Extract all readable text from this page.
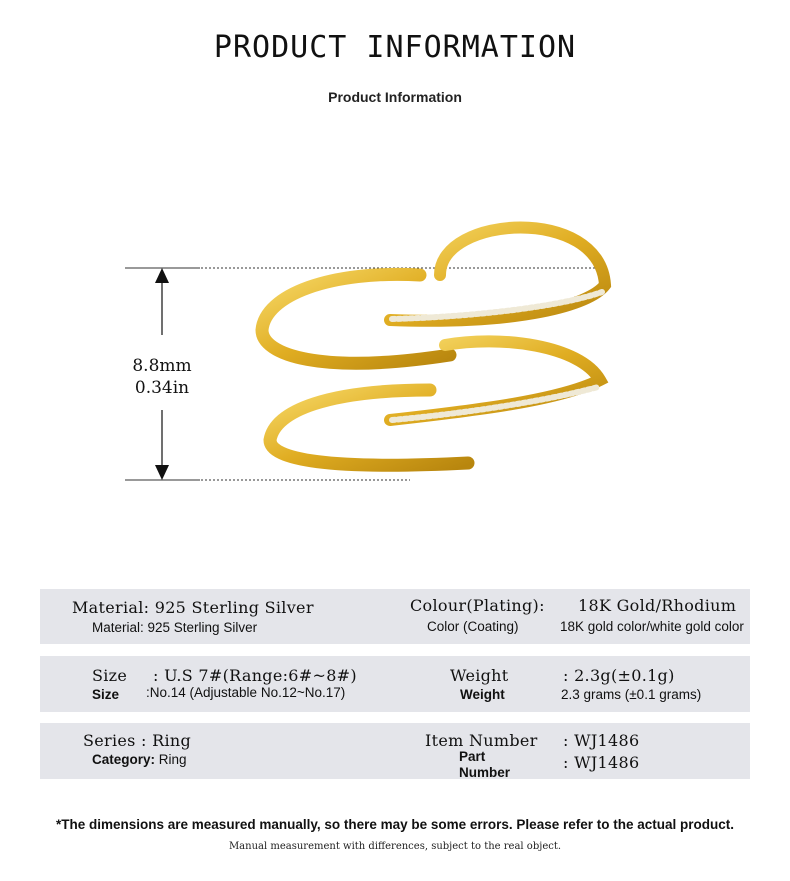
PRODUCT INFORMATION
Product Information
8.8mm
0.34in
Material: 925 Sterling Silver
Material: 925 Sterling Silver
Colour(Plating): 18K Gold/Rhodium
Color (Coating)	18K gold color/white gold color
Size : U.S 7#(Range:6#~8#)
Size :No.14 (Adjustable No.12~No.17)
Weight	: 2.3g(±0.1g)
Weight	2.3 grams (±0.1 grams)
Series : Ring
Category: Ring
Item Number : WJ1486
Part
Number
: WJ1486
*The dimensions are measured manually, so there may be some errors. Please refer to the actual product.
Manual measurement with differences, subject to the real object.
